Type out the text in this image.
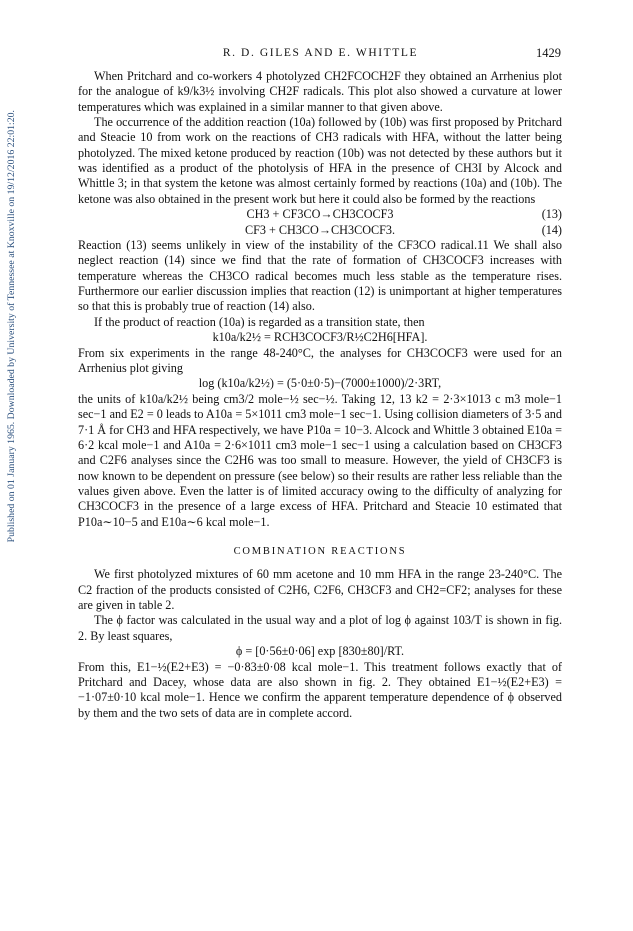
R. D. GILES AND E. WHITTLE	1429
Published on 01 January 1965. Downloaded by University of Tennessee at Knoxville on 19/12/2016 22:01:20.

When Pritchard and co-workers 4 photolyzed CH2FCOCH2F they obtained an Arrhenius plot for the analogue of k9/k3½ involving CH2F radicals. This plot also showed a curvature at lower temperatures which was explained in a similar manner to that given above.

The occurrence of the addition reaction (10a) followed by (10b) was first proposed by Pritchard and Steacie 10 from work on the reactions of CH3 radicals with HFA, without the latter being photolyzed. The mixed ketone produced by reaction (10b) was not detected by these authors but it was identified as a product of the photolysis of HFA in the presence of CH3I by Alcock and Whittle 3; in that system the ketone was almost certainly formed by reactions (10a) and (10b). The ketone was also obtained in the present work but here it could also be formed by the reactions

CH3 + CF3CO→CH3COCF3	(13)
CF3 + CH3CO→CH3COCF3.	(14)

Reaction (13) seems unlikely in view of the instability of the CF3CO radical.11 We shall also neglect reaction (14) since we find that the rate of formation of CH3COCF3 increases with temperature whereas the CH3CO radical becomes much less stable as the temperature rises. Furthermore our earlier discussion implies that reaction (12) is unimportant at higher temperatures so that this is probably true of reaction (14) also.

If the product of reaction (10a) is regarded as a transition state, then

k10a/k2½ = RCH3COCF3/R½C2H6[HFA].

From six experiments in the range 48-240°C, the analyses for CH3COCF3 were used for an Arrhenius plot giving

log (k10a/k2½) = (5·0±0·5)−(7000±1000)/2·3RT,

the units of k10a/k2½ being cm3/2 mole−½ sec−½. Taking 12, 13 k2 = 2·3×1013 c m3 mole−1 sec−1 and E2 = 0 leads to A10a = 5×1011 cm3 mole−1 sec−1. Using collision diameters of 3·5 and 7·1 Å for CH3 and HFA respectively, we have P10a = 10−3. Alcock and Whittle 3 obtained E10a = 6·2 kcal mole−1 and A10a = 2·6×1011 cm3 mole−1 sec−1 using a calculation based on CH3CF3 and C2F6 analyses since the C2H6 was too small to measure. However, the yield of CH3CF3 is now known to be dependent on pressure (see below) so their results are rather less reliable than the values given above. Even the latter is of limited accuracy owing to the difficulty of analyzing for CH3COCF3 in the presence of a large excess of HFA. Pritchard and Steacie 10 estimated that P10a∼10−5 and E10a∼6 kcal mole−1.

COMBINATION REACTIONS

We first photolyzed mixtures of 60 mm acetone and 10 mm HFA in the range 23-240°C. The C2 fraction of the products consisted of C2H6, C2F6, CH3CF3 and CH2=CF2; analyses for these are given in table 2.

The ϕ factor was calculated in the usual way and a plot of log ϕ against 103/T is shown in fig. 2. By least squares,

ϕ = [0·56±0·06] exp [830±80]/RT.

From this, E1−½(E2+E3) = −0·83±0·08 kcal mole−1. This treatment follows exactly that of Pritchard and Dacey, whose data are also shown in fig. 2. They obtained E1−½(E2+E3) = −1·07±0·10 kcal mole−1. Hence we confirm the apparent temperature dependence of ϕ observed by them and the two sets of data are in complete accord.
